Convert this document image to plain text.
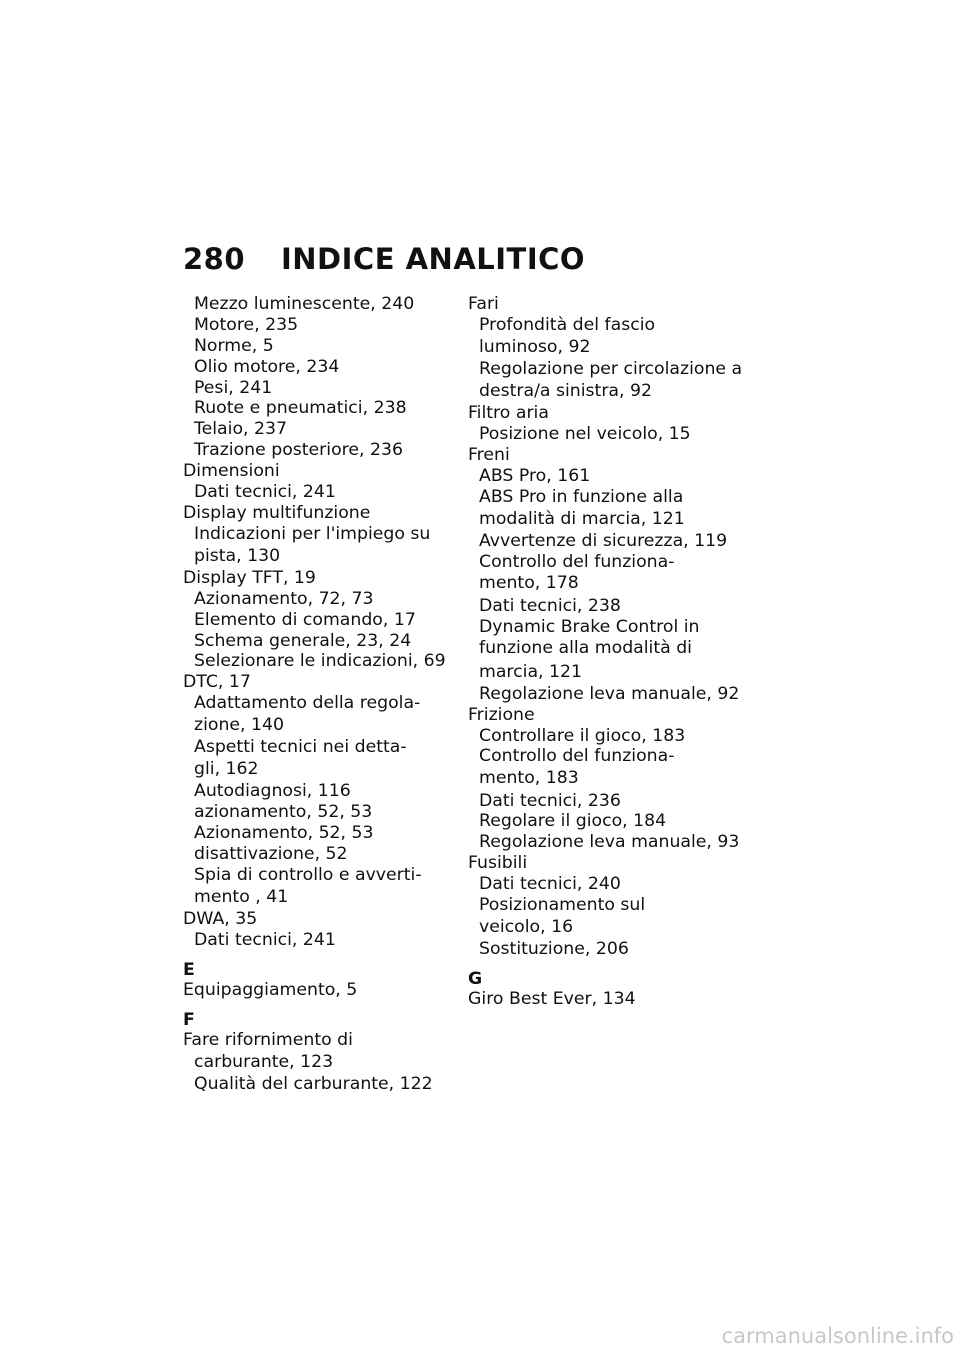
280	INDICE ANALITICO
Mezzo luminescente, 240
Motore, 235
Norme, 5
Olio motore, 234
Pesi, 241
Ruote e pneumatici, 238
Telaio, 237
Trazione posteriore, 236
Dimensioni
Dati tecnici, 241
Display multifunzione
Indicazioni per l'impiego su
pista, 130
Display TFT, 19
Azionamento, 72, 73
Elemento di comando, 17
Schema generale, 23, 24
Selezionare le indicazioni, 69
DTC, 17
Adattamento della regola-
zione, 140
Aspetti tecnici nei detta-
gli, 162
Autodiagnosi, 116
azionamento, 52, 53
Azionamento, 52, 53
disattivazione, 52
Spia di controllo e avverti-
mento , 41
DWA, 35
Dati tecnici, 241
E
Equipaggiamento, 5
F
Fare rifornimento di
carburante, 123
Qualità del carburante, 122
Fari
Profondità del fascio
luminoso, 92
Regolazione per circolazione a
destra/a sinistra, 92
Filtro aria
Posizione nel veicolo, 15
Freni
ABS Pro, 161
ABS Pro in funzione alla
modalità di marcia, 121
Avvertenze di sicurezza, 119
Controllo del funziona-
mento, 178
Dati tecnici, 238
Dynamic Brake Control in
funzione alla modalità di
marcia, 121
Regolazione leva manuale, 92
Frizione
Controllare il gioco, 183
Controllo del funziona-
mento, 183
Dati tecnici, 236
Regolare il gioco, 184
Regolazione leva manuale, 93
Fusibili
Dati tecnici, 240
Posizionamento sul
veicolo, 16
Sostituzione, 206
G
Giro Best Ever, 134
carmanualsonline.info
